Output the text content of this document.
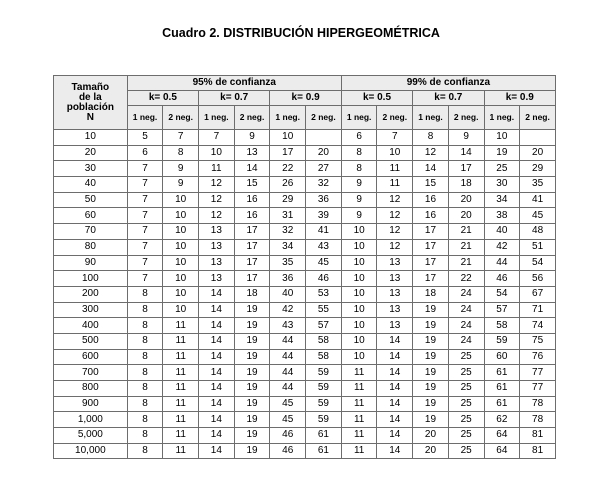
Cuadro 2. DISTRIBUCIÓN HIPERGEOMÉTRICA
Tamaño
de la
población
N	95% de confianza						99% de confianza					
	k= 0.5		k= 0.7		k= 0.9		k= 0.5		k= 0.7		k= 0.9	
	1 neg.	2 neg.	1 neg.	2 neg.	1 neg.	2 neg.	1 neg.	2 neg.	1 neg.	2 neg.	1 neg.	2 neg.
10	5	7	7	9	10		6	7	8	9	10	
20	6	8	10	13	17	20	8	10	12	14	19	20
30	7	9	11	14	22	27	8	11	14	17	25	29
40	7	9	12	15	26	32	9	11	15	18	30	35
50	7	10	12	16	29	36	9	12	16	20	34	41
60	7	10	12	16	31	39	9	12	16	20	38	45
70	7	10	13	17	32	41	10	12	17	21	40	48
80	7	10	13	17	34	43	10	12	17	21	42	51
90	7	10	13	17	35	45	10	13	17	21	44	54
100	7	10	13	17	36	46	10	13	17	22	46	56
200	8	10	14	18	40	53	10	13	18	24	54	67
300	8	10	14	19	42	55	10	13	19	24	57	71
400	8	11	14	19	43	57	10	13	19	24	58	74
500	8	11	14	19	44	58	10	14	19	24	59	75
600	8	11	14	19	44	58	10	14	19	25	60	76
700	8	11	14	19	44	59	11	14	19	25	61	77
800	8	11	14	19	44	59	11	14	19	25	61	77
900	8	11	14	19	45	59	11	14	19	25	61	78
1,000	8	11	14	19	45	59	11	14	19	25	62	78
5,000	8	11	14	19	46	61	11	14	20	25	64	81
10,000	8	11	14	19	46	61	11	14	20	25	64	81
